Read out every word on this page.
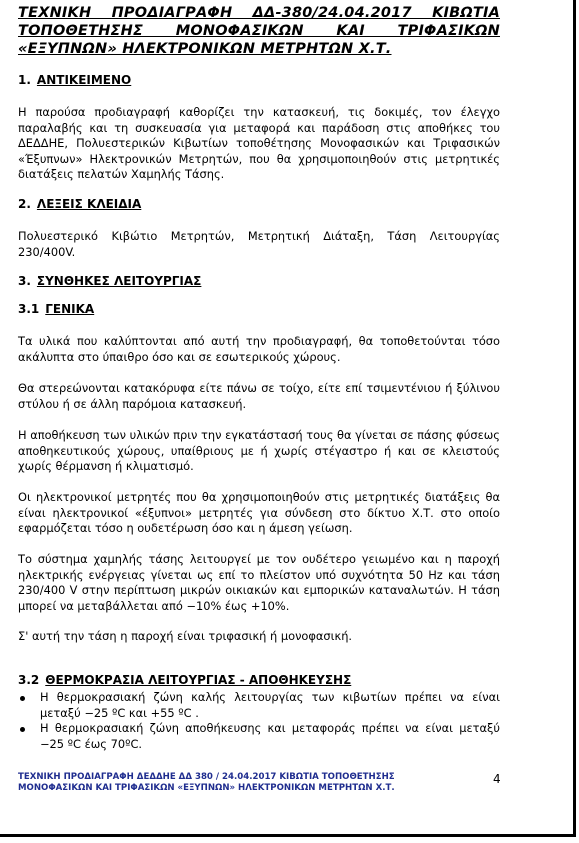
ΤΕΧΝΙΚΗ ΠΡΟΔΙΑΓΡΑΦΗ ΔΔ-380/24.04.2017 ΚΙΒΩΤΙΑ ΤΟΠΟΘΕΤΗΣΗΣ ΜΟΝΟΦΑΣΙΚΩΝ ΚΑΙ ΤΡΙΦΑΣΙΚΩΝ «ΕΞΥΠΝΩΝ» ΗΛΕΚΤΡΟΝΙΚΩΝ ΜΕΤΡΗΤΩΝ Χ.Τ.

1. ΑΝΤΙΚΕΙΜΕΝΟ

Η παρούσα προδιαγραφή καθορίζει την κατασκευή, τις δοκιμές, τον έλεγχο παραλαβής και τη συσκευασία για μεταφορά και παράδοση στις αποθήκες του ΔΕΔΔΗΕ, Πολυεστερικών Κιβωτίων τοποθέτησης Μονοφασικών και Τριφασικών «Έξυπνων» Ηλεκτρονικών Μετρητών, που θα χρησιμοποιηθούν στις μετρητικές διατάξεις πελατών Χαμηλής Τάσης.

2. ΛΕΞΕΙΣ ΚΛΕΙΔΙΑ

Πολυεστερικό Κιβώτιο Μετρητών, Μετρητική Διάταξη, Τάση Λειτουργίας 230/400V.

3. ΣΥΝΘΗΚΕΣ ΛΕΙΤΟΥΡΓΙΑΣ

3.1 ΓΕΝΙΚΑ

Τα υλικά που καλύπτονται από αυτή την προδιαγραφή, θα τοποθετούνται τόσο ακάλυπτα στο ύπαιθρο όσο και σε εσωτερικούς χώρους.

Θα στερεώνονται κατακόρυφα είτε πάνω σε τοίχο, είτε επί τσιμεντένιου ή ξύλινου στύλου ή σε άλλη παρόμοια κατασκευή.

Η αποθήκευση των υλικών πριν την εγκατάστασή τους θα γίνεται σε πάσης φύσεως αποθηκευτικούς χώρους, υπαίθριους με ή χωρίς στέγαστρο ή και σε κλειστούς χωρίς θέρμανση ή κλιματισμό.

Οι ηλεκτρονικοί μετρητές που θα χρησιμοποιηθούν στις μετρητικές διατάξεις θα είναι ηλεκτρονικοί «έξυπνοι» μετρητές για σύνδεση στο δίκτυο Χ.Τ. στο οποίο εφαρμόζεται τόσο η ουδετέρωση όσο και η άμεση γείωση.

Το σύστημα χαμηλής τάσης λειτουργεί με τον ουδέτερο γειωμένο και η παροχή ηλεκτρικής ενέργειας γίνεται ως επί το πλείστον υπό συχνότητα 50 Hz και τάση 230/400 V στην περίπτωση μικρών οικιακών και εμπορικών καταναλωτών. Η τάση μπορεί να μεταβάλλεται από −10% έως +10%.

Σ' αυτή την τάση η παροχή είναι τριφασική ή μονοφασική.

3.2 ΘΕΡΜΟΚΡΑΣΙΑ ΛΕΙΤΟΥΡΓΙΑΣ - ΑΠΟΘΗΚΕΥΣΗΣ

Η θερμοκρασιακή ζώνη καλής λειτουργίας των κιβωτίων πρέπει να είναι μεταξύ −25 ºC και +55 ºC .
Η θερμοκρασιακή ζώνη αποθήκευσης και μεταφοράς πρέπει να είναι μεταξύ −25 ºC έως 70ºC.

ΤΕΧΝΙΚΗ ΠΡΟΔΙΑΓΡΑΦΗ ΔΕΔΔΗΕ ΔΔ 380 / 24.04.2017 ΚΙΒΩΤΙΑ ΤΟΠΟΘΕΤΗΣΗΣ ΜΟΝΟΦΑΣΙΚΩΝ ΚΑΙ ΤΡΙΦΑΣΙΚΩΝ «ΕΞΥΠΝΩΝ» ΗΛΕΚΤΡΟΝΙΚΩΝ ΜΕΤΡΗΤΩΝ Χ.Τ.

4
